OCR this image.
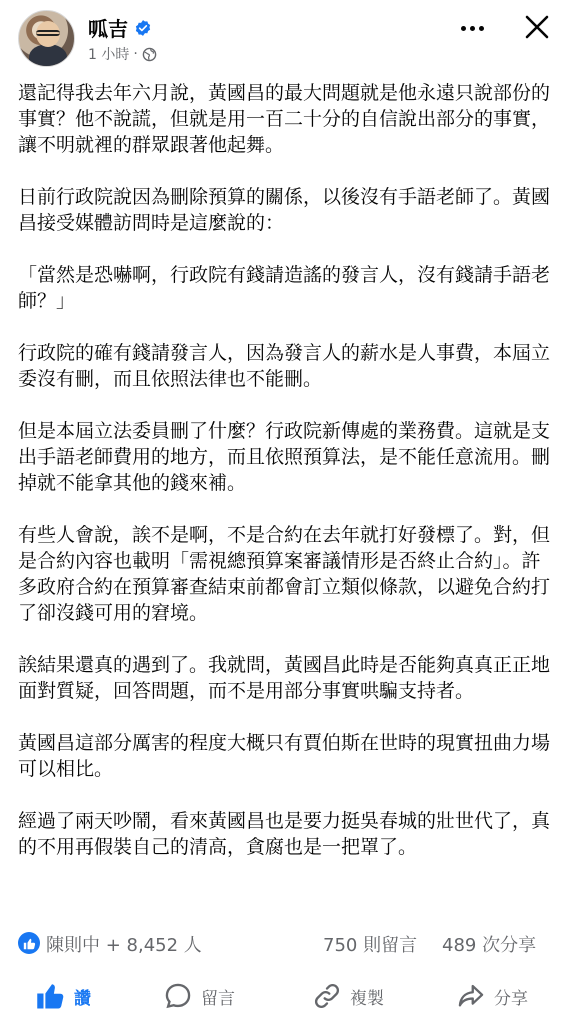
呱吉
1 小時 ·

還記得我去年六月說，黃國昌的最大問題就是他永遠只說部份的事實？他不說謊，但就是用一百二十分的自信說出部分的事實，讓不明就裡的群眾跟著他起舞。

日前行政院說因為刪除預算的關係，以後沒有手語老師了。黃國昌接受媒體訪問時是這麼說的：

「當然是恐嚇啊，行政院有錢請造謠的發言人，沒有錢請手語老師？」

行政院的確有錢請發言人，因為發言人的薪水是人事費，本屆立委沒有刪，而且依照法律也不能刪。

但是本屆立法委員刪了什麼？行政院新傳處的業務費。這就是支出手語老師費用的地方，而且依照預算法，是不能任意流用。刪掉就不能拿其他的錢來補。

有些人會說，誒不是啊，不是合約在去年就打好發標了。對，但是合約內容也載明「需視總預算案審議情形是否終止合約」。許多政府合約在預算審查結束前都會訂立類似條款，以避免合約打了卻沒錢可用的窘境。

誒結果還真的遇到了。我就問，黃國昌此時是否能夠真真正正地面對質疑，回答問題，而不是用部分事實哄騙支持者。

黃國昌這部分厲害的程度大概只有賈伯斯在世時的現實扭曲力場可以相比。

經過了兩天吵鬧，看來黃國昌也是要力挺吳春城的壯世代了，真的不用再假裝自己的清高，貪腐也是一把罩了。

陳則中 + 8,452 人	750 則留言 489 次分享
讚	留言	複製	分享
